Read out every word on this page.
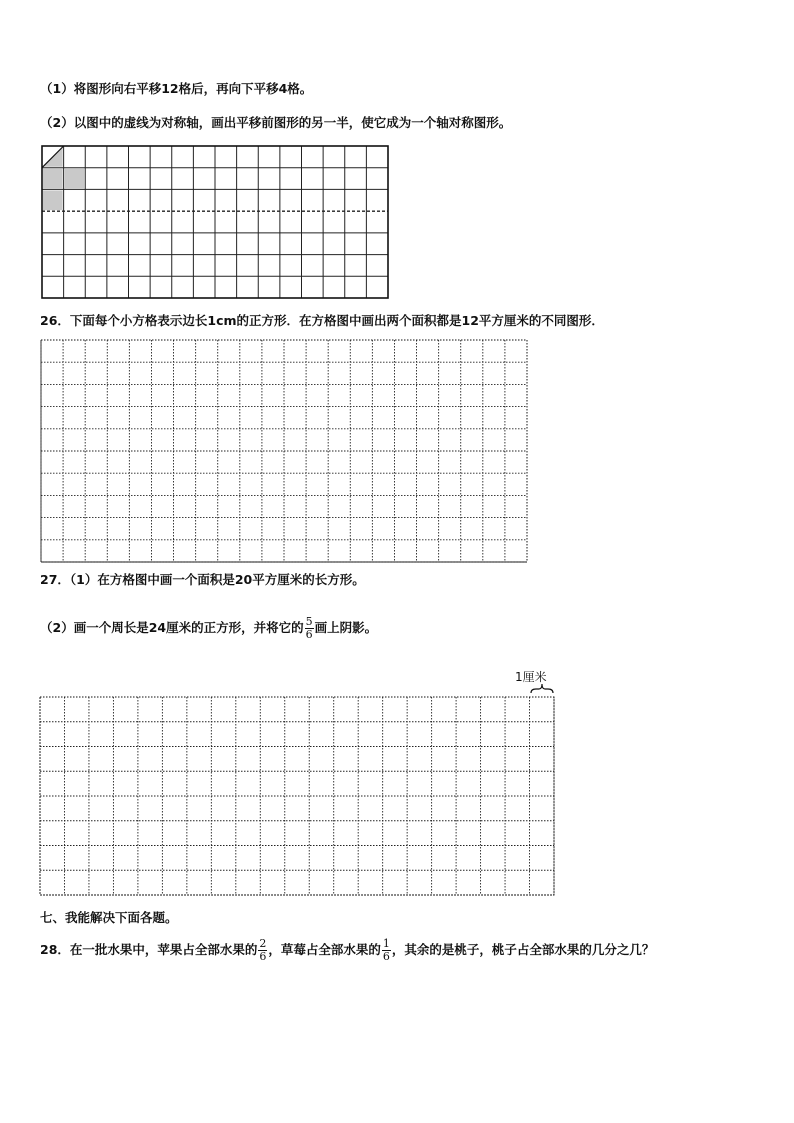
（1）将图形向右平移12格后，再向下平移4格。
（2）以图中的虚线为对称轴，画出平移前图形的另一半，使它成为一个轴对称图形。
26．下面每个小方格表示边长1cm的正方形．在方格图中画出两个面积都是12平方厘米的不同图形．
27．（1）在方格图中画一个面积是20平方厘米的长方形。
（2）画一个周长是24厘米的正方形，并将它的 $\frac{5}{6}$ 画上阴影。
1厘米
七、我能解决下面各题。
28．在一批水果中，苹果占全部水果的 $\frac{2}{6}$ ，草莓占全部水果的 $\frac{1}{6}$ ，其余的是桃子，桃子占全部水果的几分之几？
